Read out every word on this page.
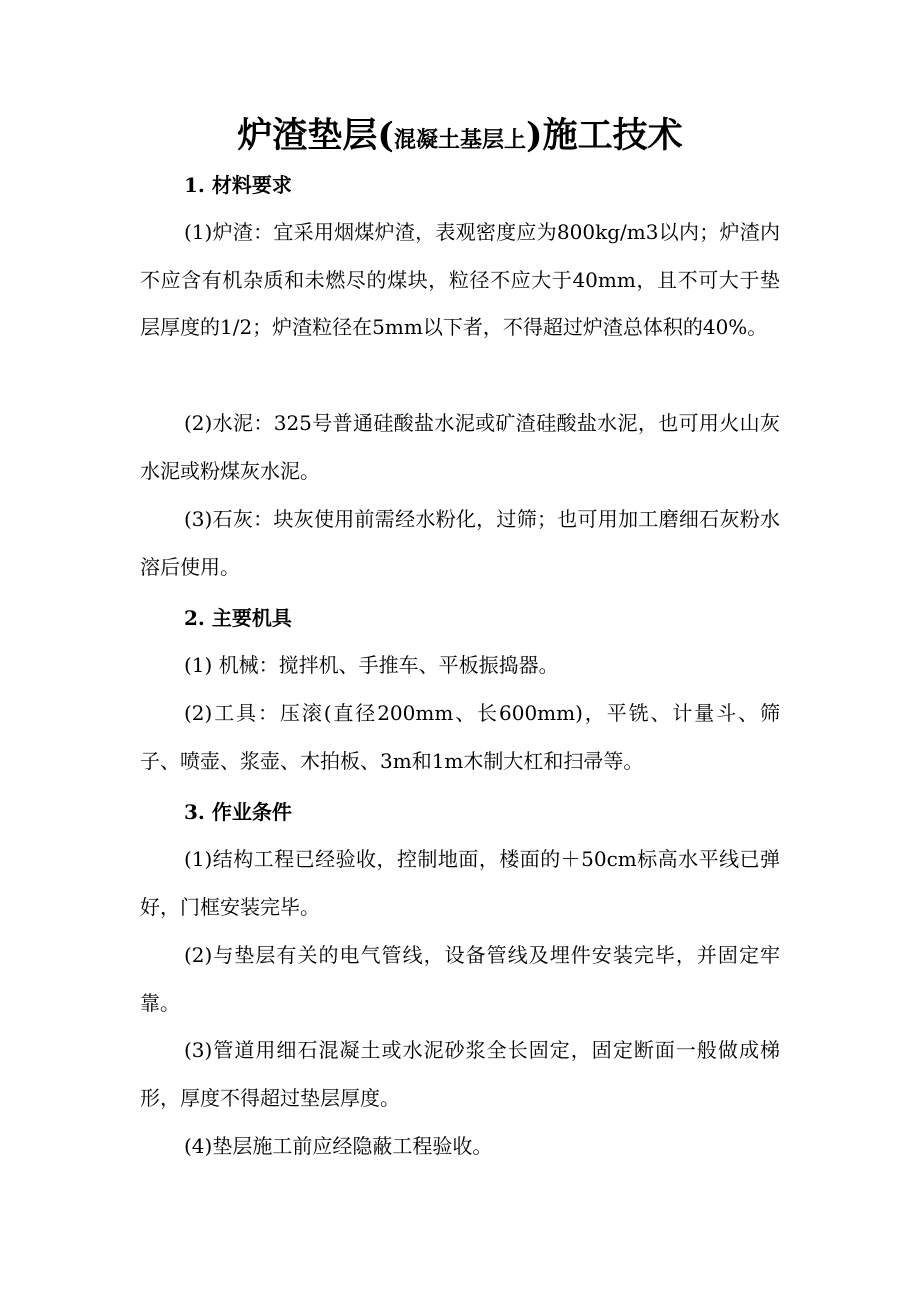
炉渣垫层(混凝土基层上)施工技术
1. 材料要求
(1)炉渣：宜采用烟煤炉渣，表观密度应为800kg/m3以内；炉渣内不应含有机杂质和未燃尽的煤块，粒径不应大于40mm，且不可大于垫层厚度的1/2；炉渣粒径在5mm以下者，不得超过炉渣总体积的40%。
(2)水泥：325号普通硅酸盐水泥或矿渣硅酸盐水泥，也可用火山灰水泥或粉煤灰水泥。
(3)石灰：块灰使用前需经水粉化，过筛；也可用加工磨细石灰粉水溶后使用。
2. 主要机具
(1) 机械：搅拌机、手推车、平板振捣器。
(2)工具：压滚(直径200mm、长600mm)，平铣、计量斗、筛子、喷壶、浆壶、木拍板、3m和1m木制大杠和扫帚等。
3. 作业条件
(1)结构工程已经验收，控制地面，楼面的＋50cm标高水平线已弹好，门框安装完毕。
(2)与垫层有关的电气管线，设备管线及埋件安装完毕，并固定牢靠。
(3)管道用细石混凝土或水泥砂浆全长固定，固定断面一般做成梯形，厚度不得超过垫层厚度。
(4)垫层施工前应经隐蔽工程验收。
